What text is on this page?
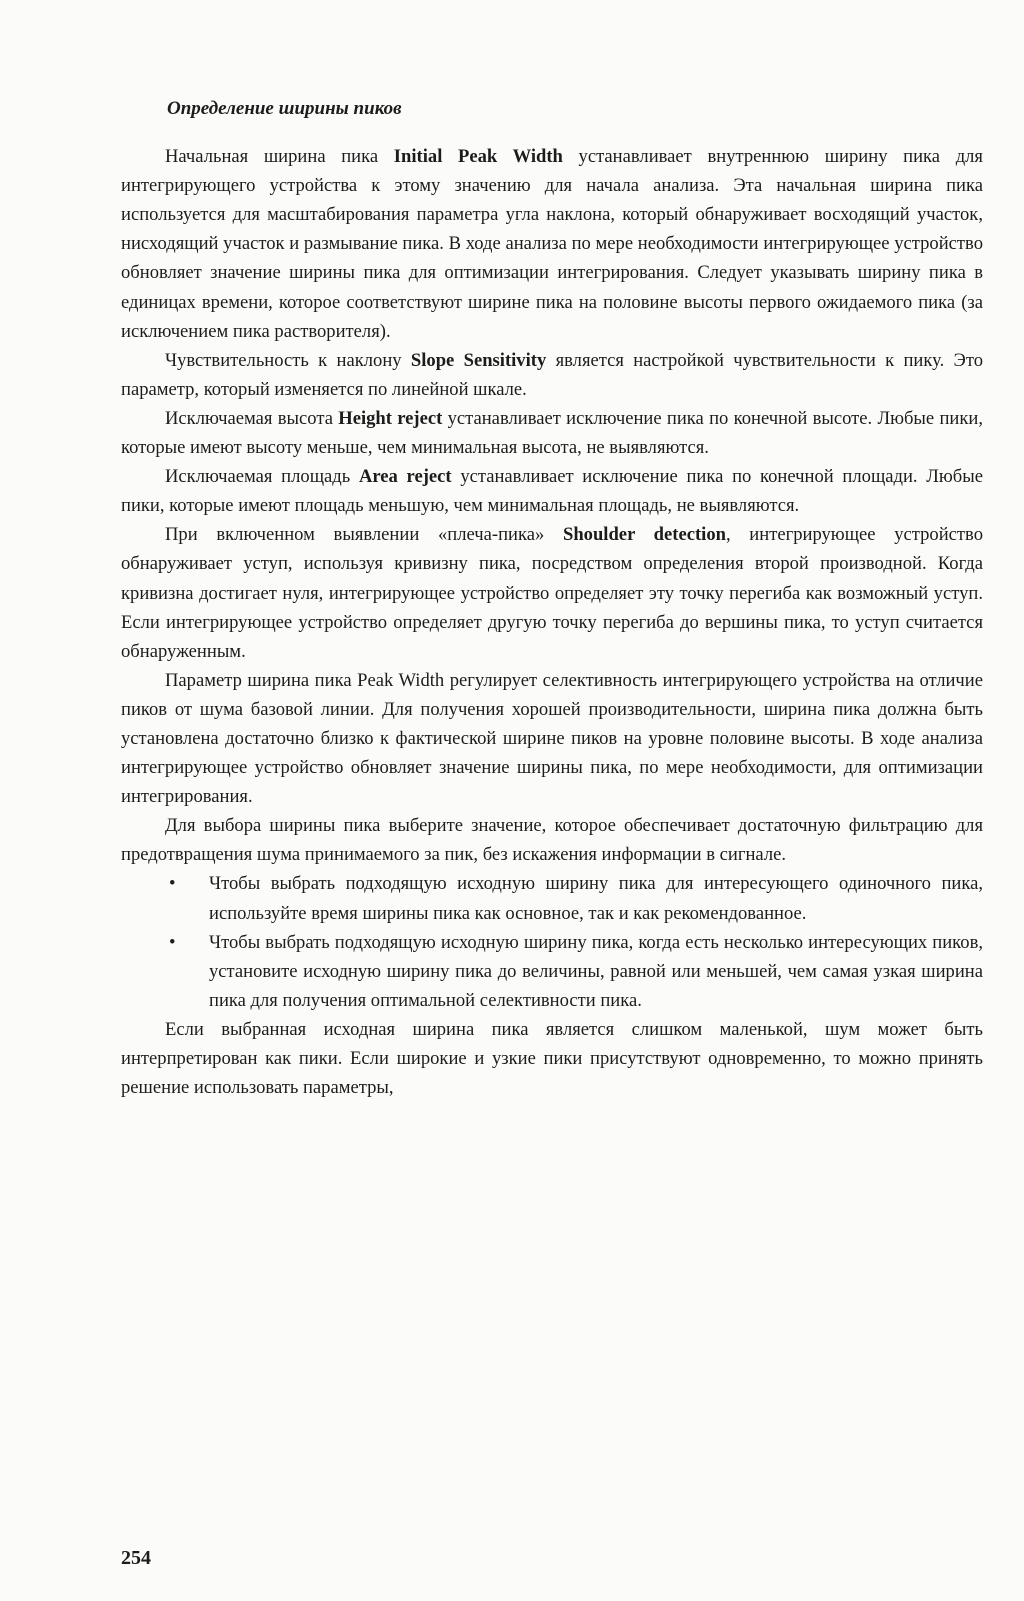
Определение ширины пиков

Начальная ширина пика Initial Peak Width устанавливает внутреннюю ширину пика для интегрирующего устройства к этому значению для начала анализа. Эта начальная ширина пика используется для масштабирования параметра угла наклона, который обнаруживает восходящий участок, нисходящий участок и размывание пика. В ходе анализа по мере необходимости интегрирующее устройство обновляет значение ширины пика для оптимизации интегрирования. Следует указывать ширину пика в единицах времени, которое соответствуют ширине пика на половине высоты первого ожидаемого пика (за исключением пика растворителя).

Чувствительность к наклону Slope Sensitivity является настройкой чувствительности к пику. Это параметр, который изменяется по линейной шкале.

Исключаемая высота Height reject устанавливает исключение пика по конечной высоте. Любые пики, которые имеют высоту меньше, чем минимальная высота, не выявляются.

Исключаемая площадь Area reject устанавливает исключение пика по конечной площади. Любые пики, которые имеют площадь меньшую, чем минимальная площадь, не выявляются.

При включенном выявлении «плеча-пика» Shoulder detection, интегрирующее устройство обнаруживает уступ, используя кривизну пика, посредством определения второй производной. Когда кривизна достигает нуля, интегрирующее устройство определяет эту точку перегиба как возможный уступ. Если интегрирующее устройство определяет другую точку перегиба до вершины пика, то уступ считается обнаруженным.

Параметр ширина пика Peak Width регулирует селективность интегрирующего устройства на отличие пиков от шума базовой линии. Для получения хорошей производительности, ширина пика должна быть установлена достаточно близко к фактической ширине пиков на уровне половине высоты. В ходе анализа интегрирующее устройство обновляет значение ширины пика, по мере необходимости, для оптимизации интегрирования.

Для выбора ширины пика выберите значение, которое обеспечивает достаточную фильтрацию для предотвращения шума принимаемого за пик, без искажения информации в сигнале.

• Чтобы выбрать подходящую исходную ширину пика для интересующего одиночного пика, используйте время ширины пика как основное, так и как рекомендованное.
• Чтобы выбрать подходящую исходную ширину пика, когда есть несколько интересующих пиков, установите исходную ширину пика до величины, равной или меньшей, чем самая узкая ширина пика для получения оптимальной селективности пика.

Если выбранная исходная ширина пика является слишком маленькой, шум может быть интерпретирован как пики. Если широкие и узкие пики присутствуют одновременно, то можно принять решение использовать параметры,

254
